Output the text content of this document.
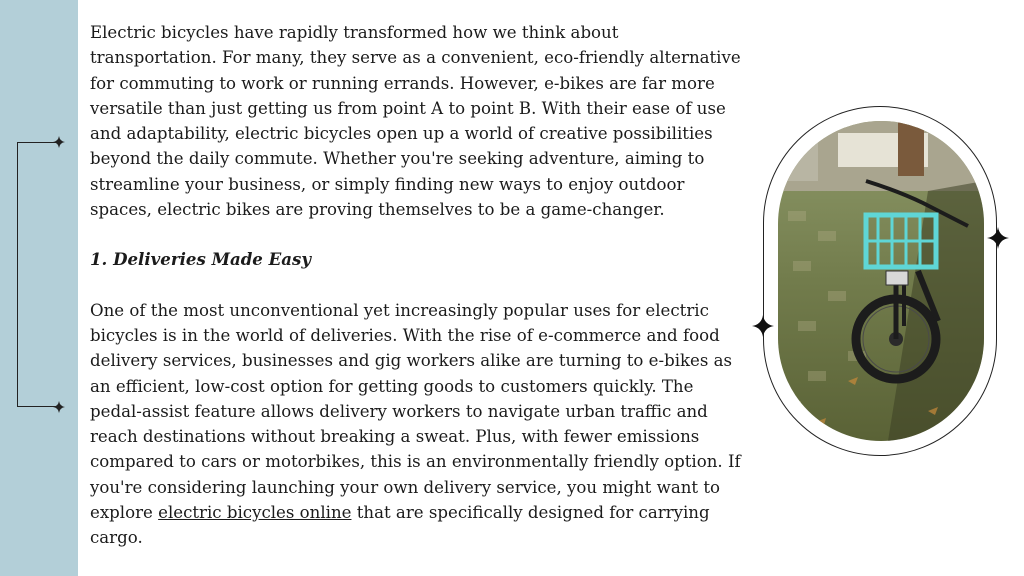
Electric bicycles have rapidly transformed how we think about transportation. For many, they serve as a convenient, eco-friendly alternative for commuting to work or running errands. However, e-bikes are far more versatile than just getting us from point A to point B. With their ease of use and adaptability, electric bicycles open up a world of creative possibilities beyond the daily commute. Whether you're seeking adventure, aiming to streamline your business, or simply finding new ways to enjoy outdoor spaces, electric bikes are proving themselves to be a game-changer.

1. Deliveries Made Easy

One of the most unconventional yet increasingly popular uses for electric bicycles is in the world of deliveries. With the rise of e-commerce and food delivery services, businesses and gig workers alike are turning to e-bikes as an efficient, low-cost option for getting goods to customers quickly. The pedal-assist feature allows delivery workers to navigate urban traffic and reach destinations without breaking a sweat. Plus, with fewer emissions compared to cars or motorbikes, this is an environmentally friendly option. If you're considering launching your own delivery service, you might want to explore electric bicycles online that are specifically designed for carrying cargo.
